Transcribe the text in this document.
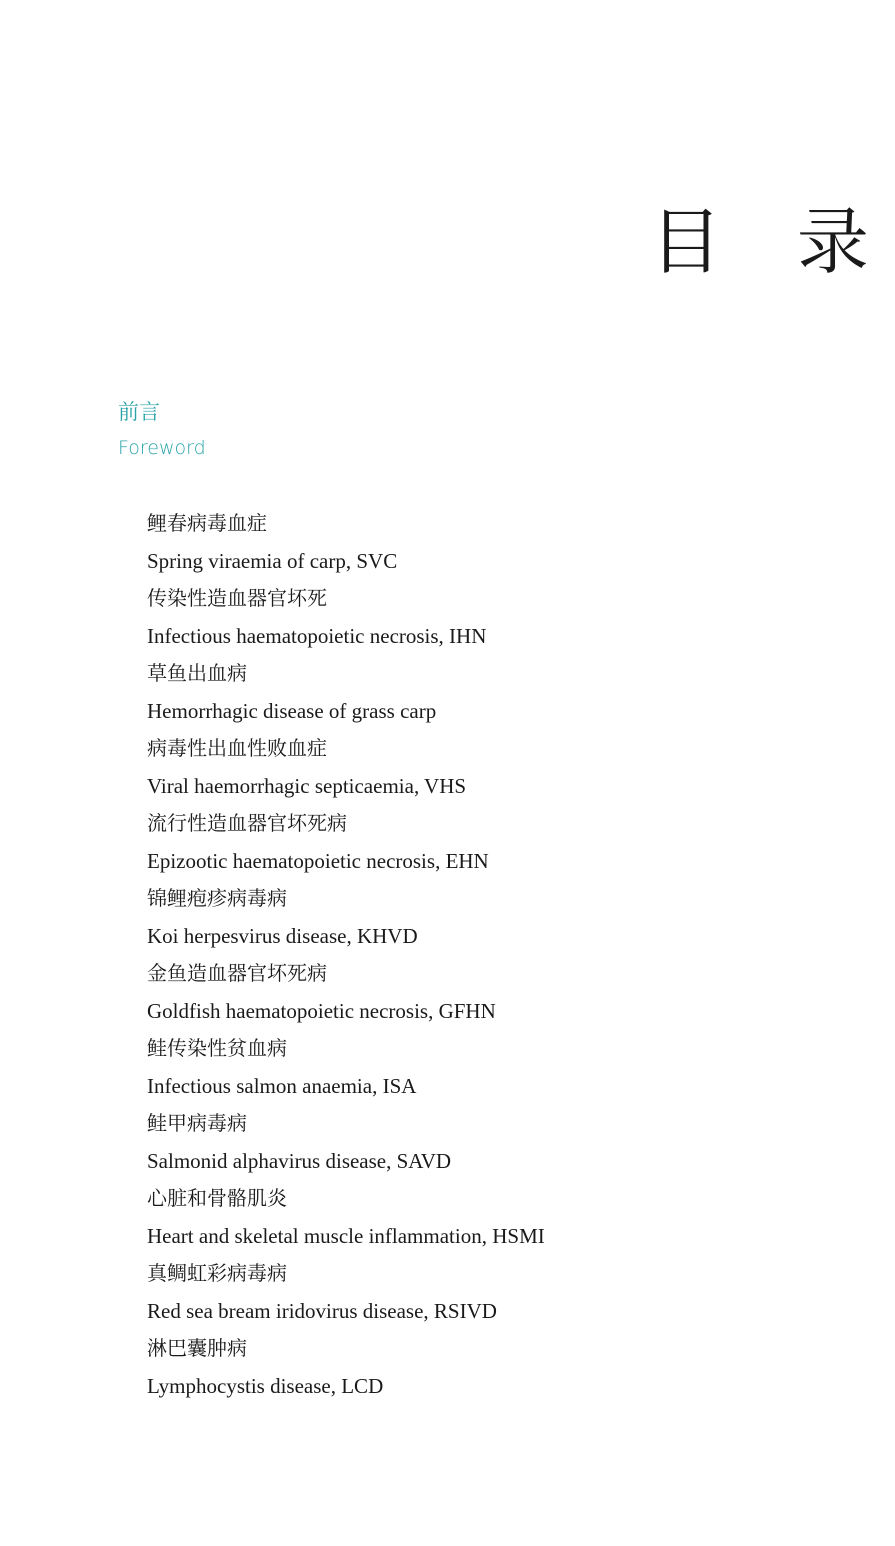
目 录
前言
Foreword
鲤春病毒血症
Spring viraemia of carp, SVC
传染性造血器官坏死
Infectious haematopoietic necrosis, IHN
草鱼出血病
Hemorrhagic disease of grass carp
病毒性出血性败血症
Viral haemorrhagic septicaemia, VHS
流行性造血器官坏死病
Epizootic haematopoietic necrosis, EHN
锦鲤疱疹病毒病
Koi herpesvirus disease, KHVD
金鱼造血器官坏死病
Goldfish haematopoietic necrosis, GFHN
鲑传染性贫血病
Infectious salmon anaemia, ISA
鲑甲病毒病
Salmonid alphavirus disease, SAVD
心脏和骨骼肌炎
Heart and skeletal muscle inflammation, HSMI
真鲷虹彩病毒病
Red sea bream iridovirus disease, RSIVD
淋巴囊肿病
Lymphocystis disease, LCD
